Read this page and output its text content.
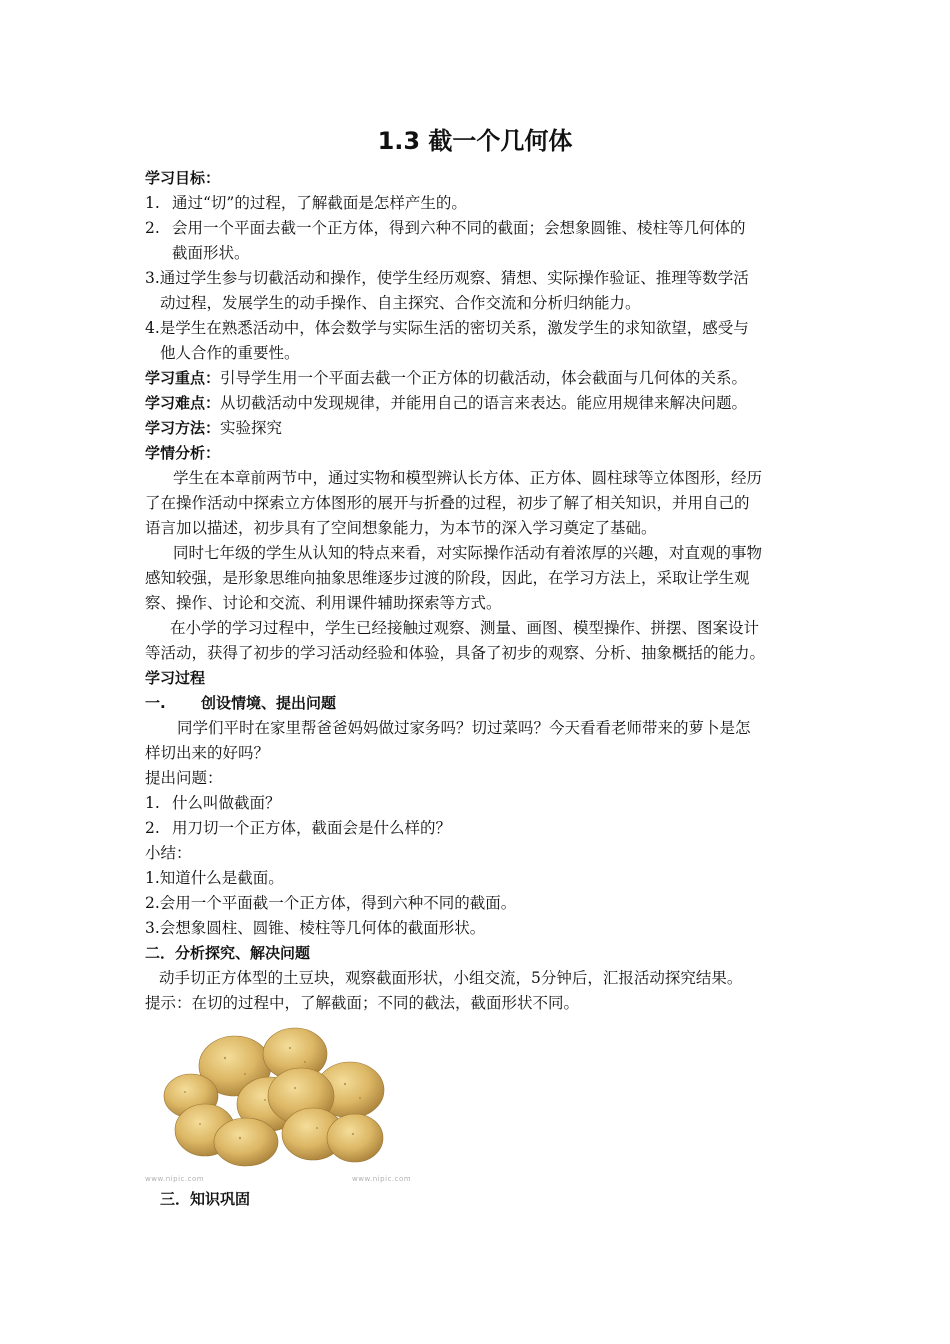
1.3 截一个几何体
学习目标：
1. 通过“切”的过程，了解截面是怎样产生的。
2. 会用一个平面去截一个正方体，得到六种不同的截面；会想象圆锥、棱柱等几何体的
截面形状。
3.通过学生参与切截活动和操作，使学生经历观察、猜想、实际操作验证、推理等数学活
动过程，发展学生的动手操作、自主探究、合作交流和分析归纳能力。
4.是学生在熟悉活动中，体会数学与实际生活的密切关系，激发学生的求知欲望，感受与
他人合作的重要性。
学习重点：引导学生用一个平面去截一个正方体的切截活动，体会截面与几何体的关系。
学习难点：从切截活动中发现规律，并能用自己的语言来表达。能应用规律来解决问题。
学习方法：实验探究
学情分析：
学生在本章前两节中，通过实物和模型辨认长方体、正方体、圆柱球等立体图形，经历
了在操作活动中探索立方体图形的展开与折叠的过程，初步了解了相关知识，并用自己的
语言加以描述，初步具有了空间想象能力，为本节的深入学习奠定了基础。
同时七年级的学生从认知的特点来看，对实际操作活动有着浓厚的兴趣，对直观的事物
感知较强，是形象思维向抽象思维逐步过渡的阶段，因此，在学习方法上，采取让学生观
察、操作、讨论和交流、利用课件辅助探索等方式。
在小学的学习过程中，学生已经接触过观察、测量、画图、模型操作、拼摆、图案设计
等活动，获得了初步的学习活动经验和体验，具备了初步的观察、分析、抽象概括的能力。
学习过程
一. 创设情境、提出问题
同学们平时在家里帮爸爸妈妈做过家务吗？切过菜吗？今天看看老师带来的萝卜是怎
样切出来的好吗？
提出问题：
1. 什么叫做截面？
2. 用刀切一个正方体，截面会是什么样的？
小结：
1.知道什么是截面。
2.会用一个平面截一个正方体，得到六种不同的截面。
3.会想象圆柱、圆锥、棱柱等几何体的截面形状。
二．分析探究、解决问题
动手切正方体型的土豆块，观察截面形状，小组交流，5分钟后，汇报活动探究结果。
提示：在切的过程中，了解截面；不同的截法，截面形状不同。
www.nipic.com	www.nipic.com
三．知识巩固
